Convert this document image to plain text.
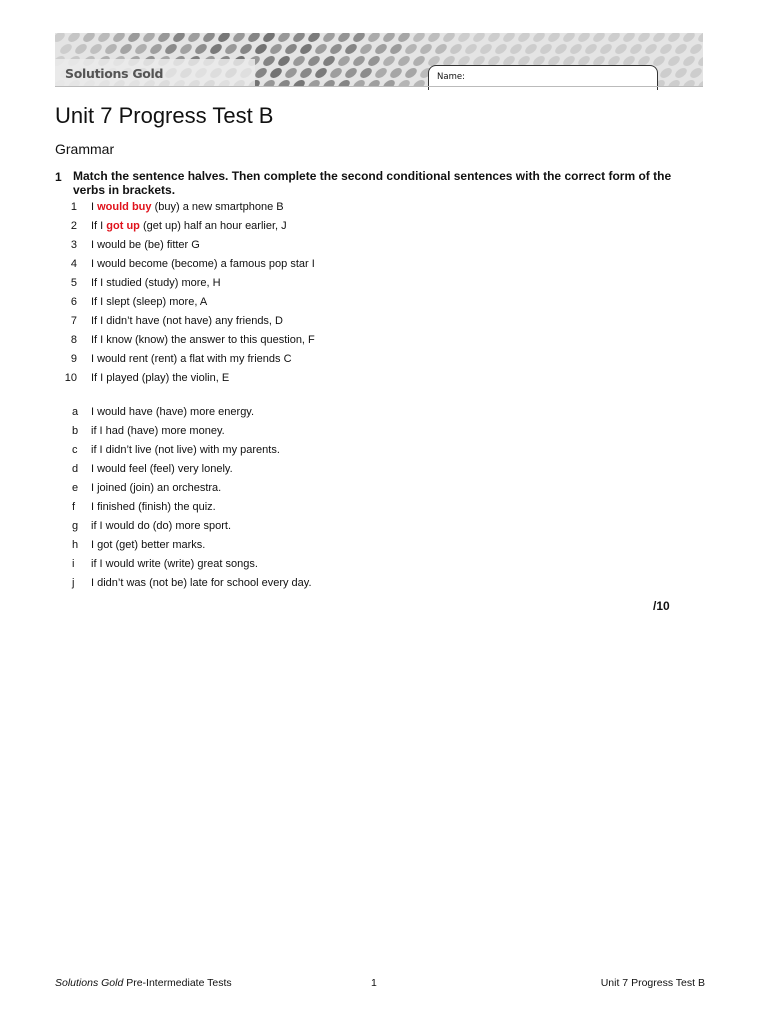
Solutions Gold	Name:
Unit 7 Progress Test B
Grammar
1 Match the sentence halves. Then complete the second conditional sentences with the correct form of the verbs in brackets.
1 I would buy (buy) a new smartphone B
2 If I got up (get up) half an hour earlier, J
3 I would be (be) fitter G
4 I would become (become) a famous pop star I
5 If I studied (study) more, H
6 If I slept (sleep) more, A
7 If I didn’t have (not have) any friends, D
8 If I know (know) the answer to this question, F
9 I would rent (rent) a flat with my friends C
10 If I played (play) the violin, E
a I would have (have) more energy.
b if I had (have) more money.
c if I didn’t live (not live) with my parents.
d I would feel (feel) very lonely.
e I joined (join) an orchestra.
f I finished (finish) the quiz.
g if I would do (do) more sport.
h I got (get) better marks.
i if I would write (write) great songs.
j I didn’t was (not be) late for school every day.
/10
Solutions Gold Pre-Intermediate Tests	1	Unit 7 Progress Test B
